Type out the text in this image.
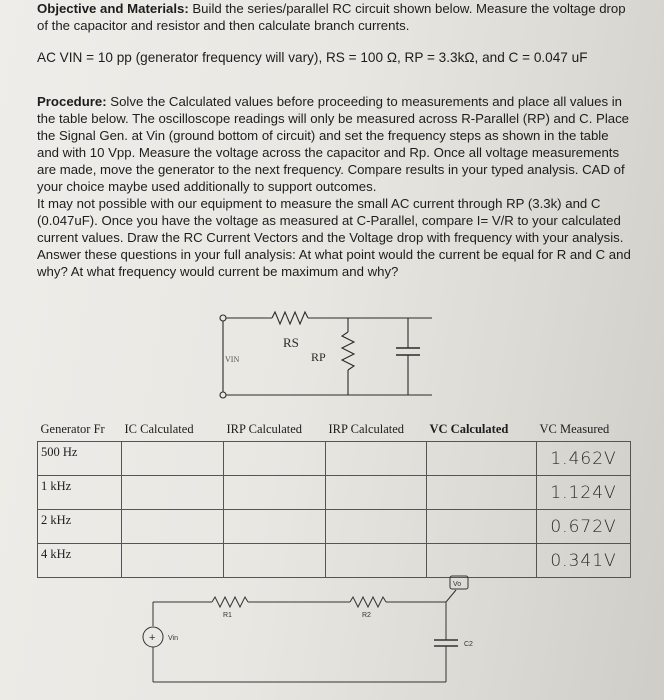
Objective and Materials: Build the series/parallel RC circuit shown below. Measure the voltage drop of the capacitor and resistor and then calculate branch currents.
AC VIN = 10 pp (generator frequency will vary), RS = 100 Ω, RP = 3.3kΩ, and C = 0.047 uF
Procedure: Solve the Calculated values before proceeding to measurements and place all values in the table below. The oscilloscope readings will only be measured across R-Parallel (RP) and C. Place the Signal Gen. at Vin (ground bottom of circuit) and set the frequency steps as shown in the table and with 10 Vpp. Measure the voltage across the capacitor and Rp. Once all voltage measurements are made, move the generator to the next frequency. Compare results in your typed analysis. CAD of your choice maybe used additionally to support outcomes.
It may not possible with our equipment to measure the small AC current through RP (3.3k) and C (0.047uF). Once you have the voltage as measured at C-Parallel, compare I= V/R to your calculated current values. Draw the RC Current Vectors and the Voltage drop with frequency with your analysis. Answer these questions in your full analysis: At what point would the current be equal for R and C and why? At what frequency would current be maximum and why?
RS
RP
VIN
Generator Fr	IC Calculated	IRP Calculated	IRP Calculated	VC Calculated	VC Measured
500 Hz					1.462V
1 kHz					1.124V
2 kHz					0.672V
4 kHz					0.341V
+
R1	R2
Vin
Vo
C2
